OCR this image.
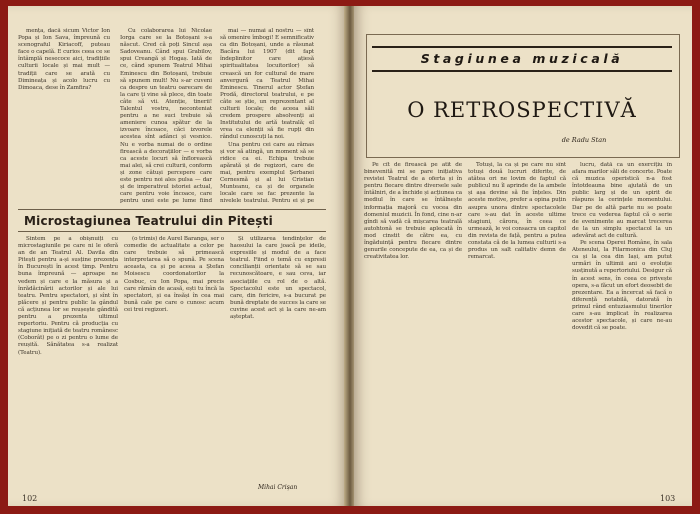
mența, dacă sicum Victor Ion Popa și Ion Sava, împreună cu scenograful Kiriacoff, puteau face o capelă. E curios ceea ce se întâmplă nesecoce aici, tradițiile culturii locale și mai mult — tradiții care se arată cu Dimineața și acolo lucru cu Dimoaca, dese în Zamfira?

Cu colaborarea lui Nicolae Iorga care se la Botoșani s-a născut. Cred că poți Sincul așa Sadoveanu. Când spui Grabilov, spui Creangă și Hogaș. Iată de ce, când spunem Teatrul Mihai Eminescu din Botoșani, trebuie să spunem mult! Nu s-ar cuveni ca despre un teatru oarecare de la care ți vine să plece, din toate câte să vii. Atenție, tinerii! Talentul vostru, neconteniat pentru a ne suci trebuie să ameniere cunoa spătur de la izvoare încoace, căci izvorele acestea sînt adânci și vesnice. Nu e vorba numai de o ordine firească a decorațiilor — e vorba ca aceste locuri să înflorească mai alei, să crei culturii, conform și zone câtuși percepere care este pentru noi ales pulsa — dar și de imperativul istoriei actual, care pentru voie încoace, care pentru unei este pe lume fiind

mai — numai al nostru — sînt să omenire îmbogi! E semnificativ ca din Botoșani, unde a răsunat Bacăra lui 1907 (dit fapt îndeplinitor care ațiesă spiritualitatea locuitorilor) să crească un for cultural de mare anvergură ca Teatrul Mihai Eminescu. Tinerul actor Ștefan Prodă, directorul teatrului, e pe câte se știe, un reprezentant al culturii locale; de aceea săli credem prospere absolvenți ai Institutului de artă teatrală; el vrea ca elenții să fie rupți din rândul cunoscuți la noi.

Una pentru cei care au rămas și vor să atingă, un moment să se ridice ca ei. Echipa trebuie apărată și de regizori, care de mai, pentru exemplul Șerbanei Cernesmă și al lui Cristian Munteanu, ca și de organele locale care se fac prezente la nivelele teatrului. Pentru ei și pe

Microstagiunea Teatrului din Pitești

Sintem pe a obișnuiți cu microstagiunile pe care ni le oferă an de an Teatrul Al. Davila din Pitești pentru a-și susține prezența în București în acest timp. Pentru buna împreună — aproape ne vedem și care e la măsura și a înrădăcinării actorilor și ale lui teatru. Pentru spectatori, și sînt în plăcere și pentru public la gândul că acțiunea lor se reușește gândită pentru a prezenta ultimul repertoriu. Pentru că producția cu stagiune inițiată de teatru românesc (Coborât) pe o zi pentru o lume de reușită. Sănătatea s-a realizat (Teatru).

(o trimis) de Aurel Baranga, ser o comedie de actualitate a celor pe care trebuie să primească interpretarea să o spună. Pe scena aceasta, ca și pe aceea a Ștefan Moisescu coordonatorilor la Cosbuc, cu Ion Popa, mai precis care rămân de acasă, ești tu încă la spectatori, și ea însăși în cea mai bună cale pe care o cunosc acum cei trei regizori.

Și utilizarea tendințelor de haosului la care joacă pe ideile, expresiile și modul de a face teatrul. Fiind o temă cu expresii concilianții orientate să se sau recunoscătoare, e sau ceva, iar asociațiile cu rol de o altă. Spectacolul este un spectacol, care, din fericire, s-a bucurat pe bună dreptate de succes la care se cuvine acest act și la care ne-am așteptat.

Mihai Crișan
102
Stagiunea muzicală
O RETROSPECTIVĂ
de Radu Stan

Pe cît de firească pe atît de binevenită mi se pare inițiativa revistei Teatrul de a oferta și în pentru fiecare dintre diversele sale întâlniri, de a închide și acțiunea ca mediul în care se întâlnește informația majoră cu vocea din domeniul muzicii. În fond, cine n-ar gîndi să vadă că mișcarea teatrală autohtonă se trebuie aplecată în mod cinstit de către ea, cu îngăduință pentru fiecare dintre genurile concepute de ea, ca și de creativitatea lor.

Totuși, la ca și pe care nu sînt totuși două lucruri diferite, de atâtea ori ne lovim de faptul că publicul nu îl aprinde de la ambele și așa devine să fie înțeles. Din aceste motive, prefer a opina puțin asupra unora dintre spectacolele care s-au dat în aceste ultime stagiuni, cărora, în ceea ce urmează, le voi consacra un capitol din revista de față, pentru a putea constata că de la lumea culturii s-a produs un salt calitativ demn de remarcat.

lucru, dată ca un exercițiu în afara marilor săli de concerte. Poate că muzica operistică n-a fost întotdeauna bine ajutată de un public larg și de un spirit de răspuns la cerințele momentului. Dar pe de altă parte nu se poate trece cu vederea faptul că o serie de evenimente au marcat trecerea de la un simplu spectacol la un adevărat act de cultură.

Pe scena Operei Române, în sala Ateneului, la Filarmonica din Cluj ca și la cea din Iași, am putut urmări în ultimii ani o evoluție susținută a repertoriului. Desigur că în acest sens, în ceea ce privește opera, s-a făcut un efort deosebit de prezentare. Ea a încercat să facă o diferență notabilă, datorată în primul rând entuziasmului tinerilor care s-au implicat în realizarea acestor spectacole, și care ne-au dovedit că se poate.

103
